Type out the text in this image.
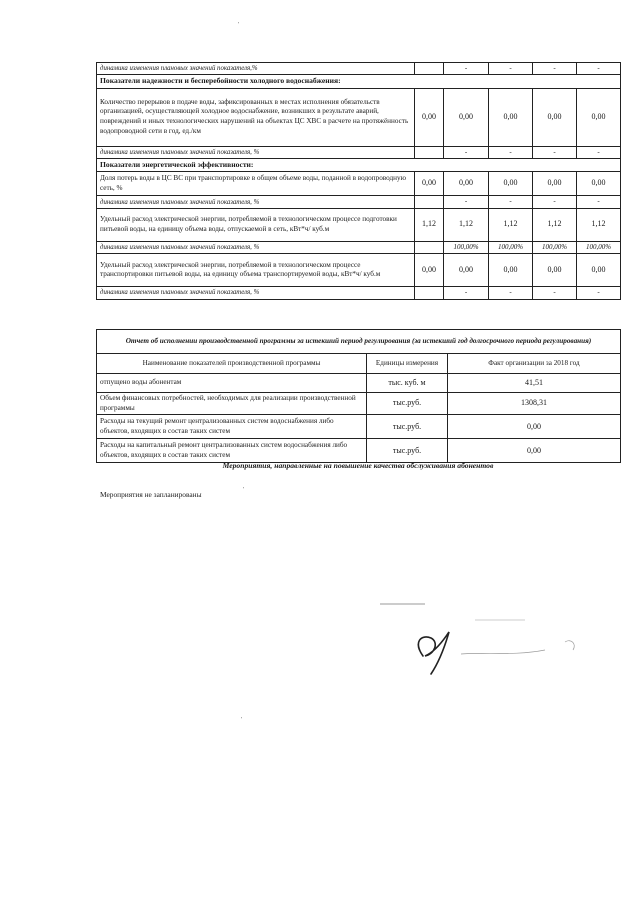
'
динамика изменения плановых значений показателя,%		-	-	-	-
Показатели надежности и бесперебойности холодного водоснабжения:					
Количество перерывов в подаче воды, зафиксированных в местах исполнения обязательств организацией, осуществляющей холодное водоснабжение, возникших в результате аварий, повреждений и иных технологических нарушений на объектах ЦС ХВС в расчете на протяжённость водопроводной сети в год, ед./км	0,00	0,00	0,00	0,00	0,00
динамика изменения плановых значений показателя, %		-	-	-	-
Показатели энергетической эффективности:					
Доля потерь воды в ЦС ВС при транспортировке в общем объеме воды, поданной в водопроводную сеть, %	0,00	0,00	0,00	0,00	0,00
динамика изменения плановых значений показателя, %		-	-	-	-
Удельный расход электрической энергии, потребляемой в технологическом процессе подготовки питьевой воды, на единицу объема воды, отпускаемой в сеть, кВт*ч/ куб.м	1,12	1,12	1,12	1,12	1,12
динамика изменения плановых значений показателя, %		100,00%	100,00%	100,00%	100,00%
Удельный расход электрической энергии, потребляемой в технологическом процессе транспортировки питьевой воды, на единицу объема транспортируемой воды, кВт*ч/ куб.м	0,00	0,00	0,00	0,00	0,00
динамика изменения плановых значений показателя, %		-	-	-	-
Отчет об исполнении производственной программы за истекший период регулирования (за истекший год долгосрочного периода регулирования)		
Наименование показателей производственной программы	Единицы измерения	Факт организации за 2018 год
отпущено воды абонентам	тыс. куб. м	41,51
Объем финансовых потребностей, необходимых для реализации производственной программы	тыс.руб.	1308,31
Расходы на текущий ремонт централизованных систем водоснабжения либо объектов, входящих в состав таких систем	тыс.руб.	0,00
Расходы на капитальный ремонт централизованных систем водоснабжения либо объектов, входящих в состав таких систем	тыс.руб.	0,00
Мероприятия, направленные на повышение качества обслуживания абонентов
Мероприятия не запланированы	'
'
